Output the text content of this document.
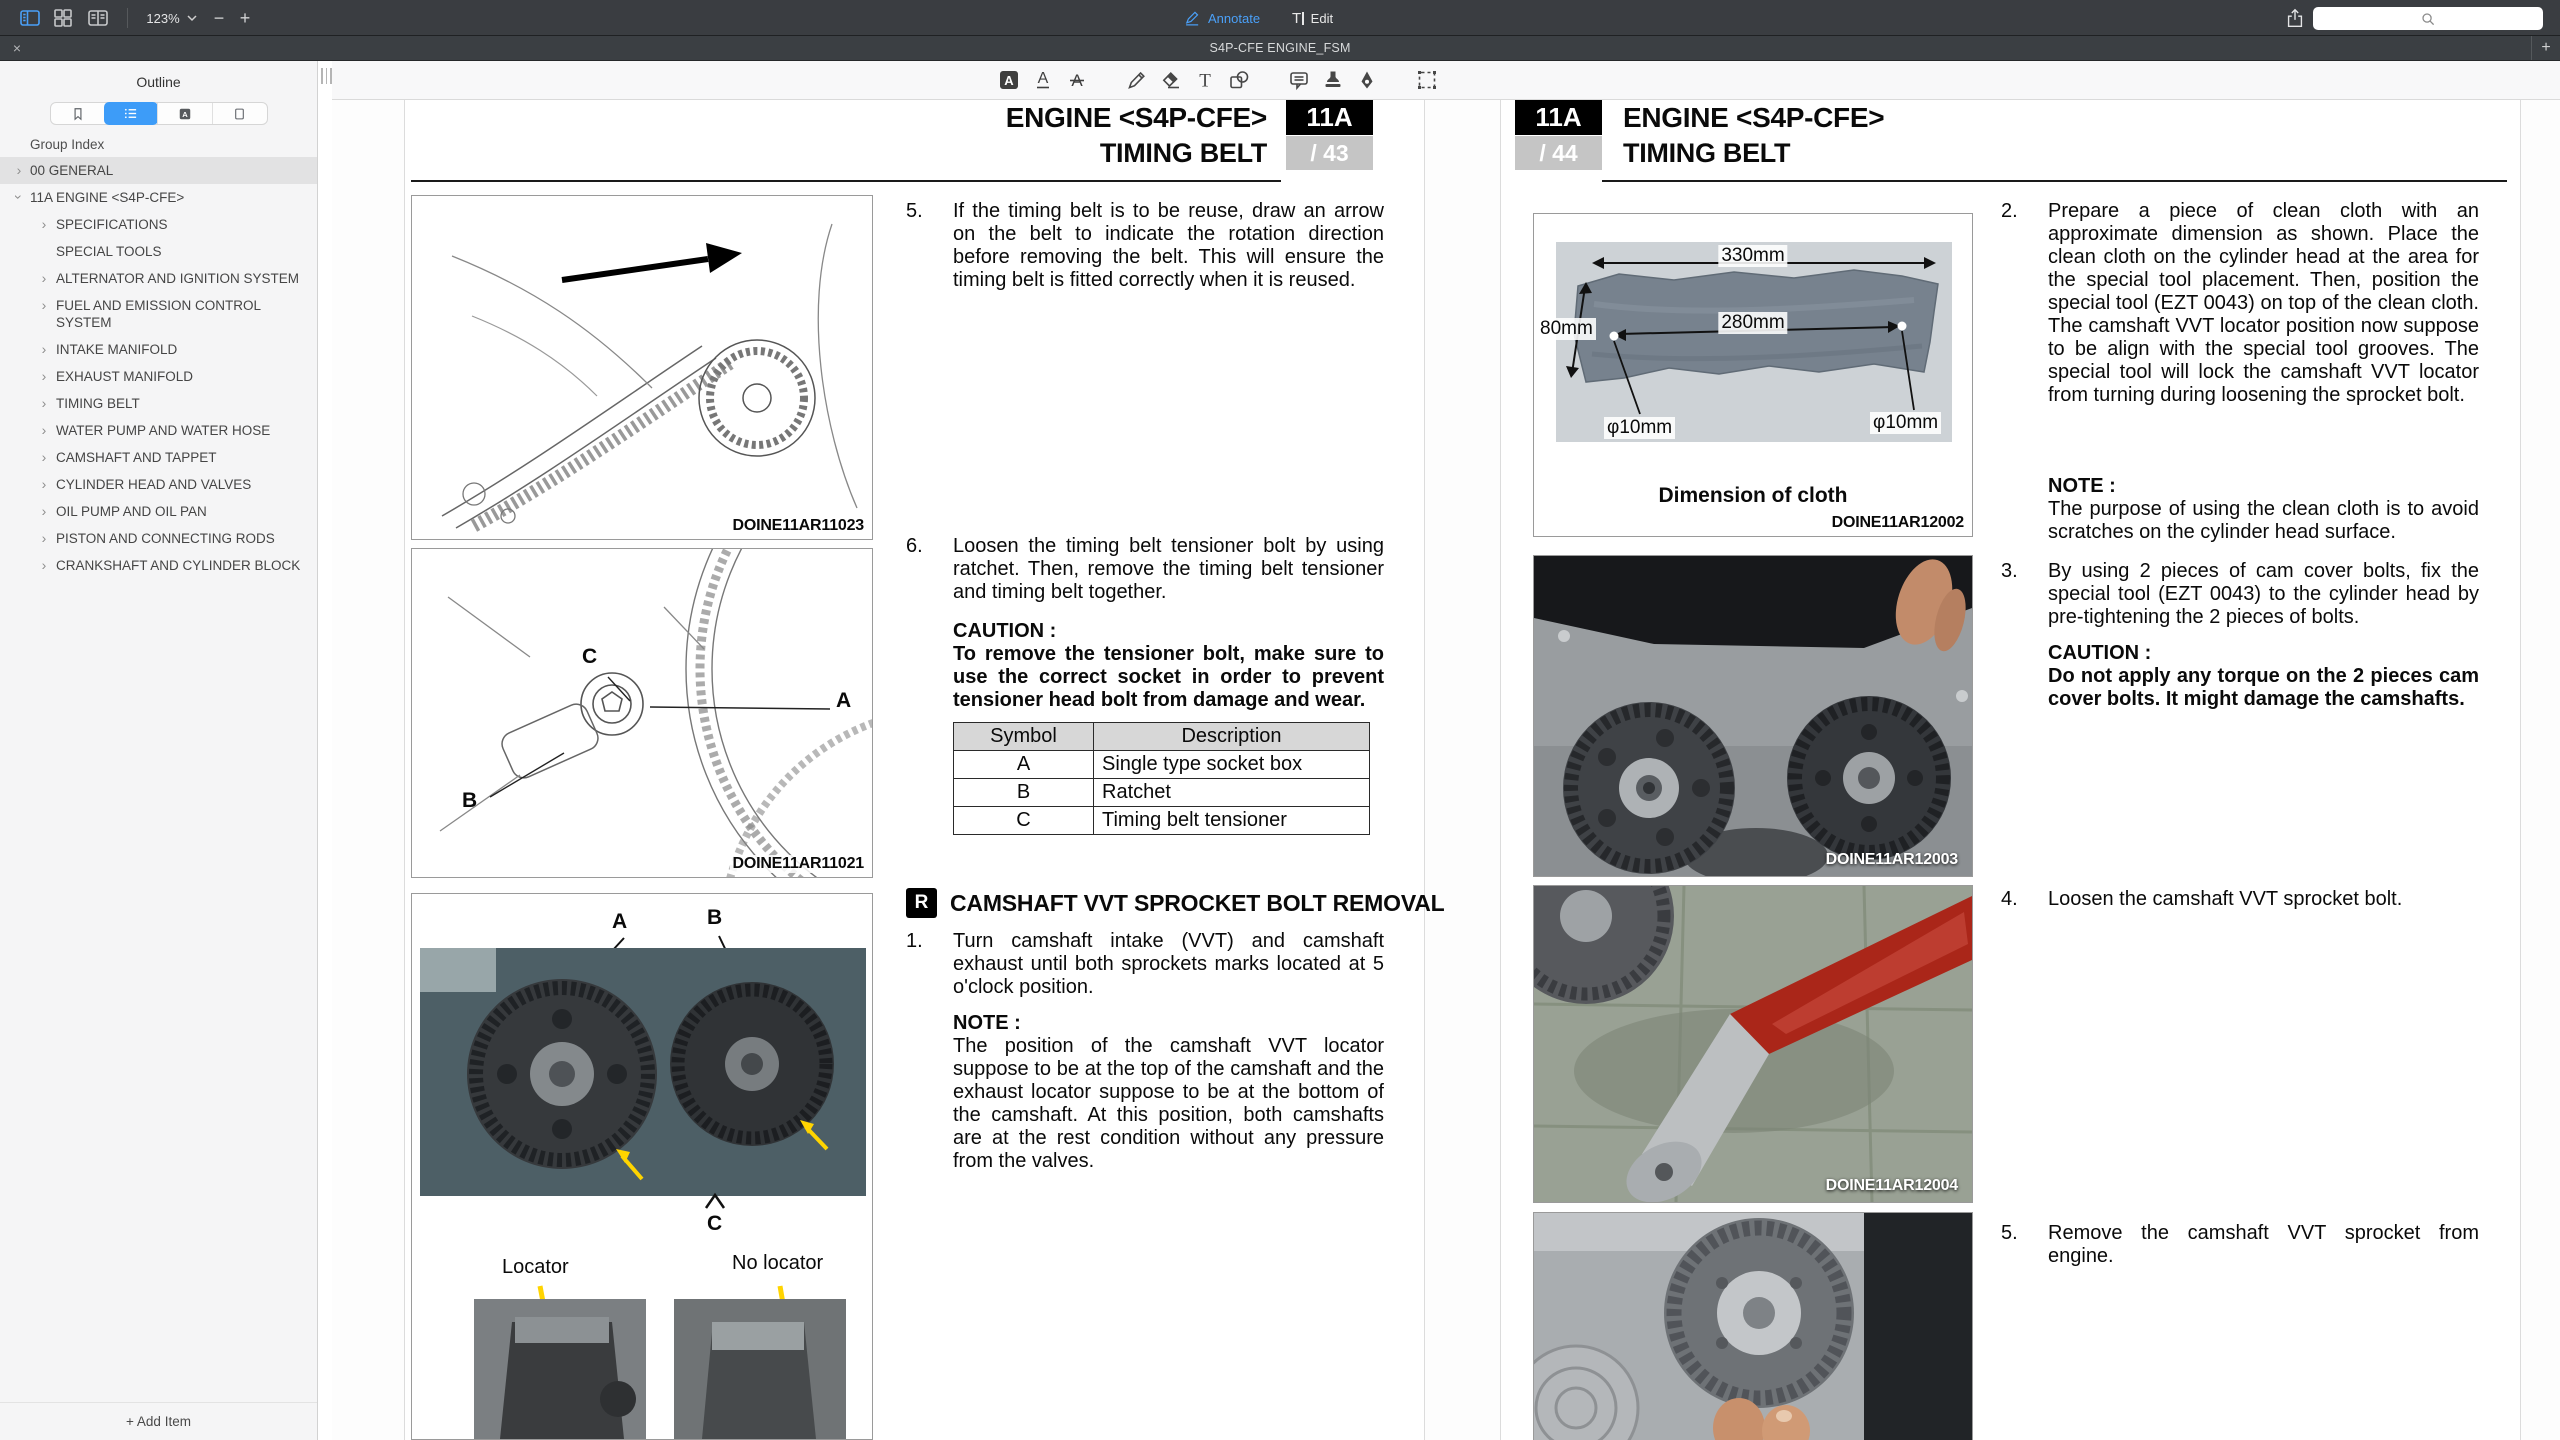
123%	− +	Annotate T Edit
×	S4P-CFE ENGINE_FSM	+
Outline
A
Group Index
› 00 GENERAL
› 11A ENGINE <S4P-CFE>
› SPECIFICATIONS
SPECIAL TOOLS
› ALTERNATOR AND IGNITION SYSTEM
› FUEL AND EMISSION CONTROL SYSTEM
› INTAKE MANIFOLD
› EXHAUST MANIFOLD
› TIMING BELT
› WATER PUMP AND WATER HOSE
› CAMSHAFT AND TAPPET
› CYLINDER HEAD AND VALVES
› OIL PUMP AND OIL PAN
› PISTON AND CONNECTING RODS
› CRANKSHAFT AND CYLINDER BLOCK
+ Add Item
A A A	T
11A
/ 43
ENGINE <S4P-CFE>
TIMING BELT
DOINE11AR11023
C
A
B
DOINE11AR11021
A	B
C
Locator	No locator
5.	If the timing belt is to be reuse, draw an arrow on the belt to indicate the rotation direction before removing the belt. This will ensure the timing belt is fitted correctly when it is reused.
6.	Loosen the timing belt tensioner bolt by using ratchet. Then, remove the timing belt tensioner and timing belt together.
CAUTION :
To remove the tensioner bolt, make sure to use the correct socket in order to prevent tensioner head bolt from damage and wear.
Symbol	Description
A	Single type socket box
B	Ratchet
C	Timing belt tensioner
R CAMSHAFT VVT SPROCKET BOLT REMOVAL
1.	Turn camshaft intake (VVT) and camshaft exhaust until both sprockets marks located at 5 o'clock position.
NOTE :
The position of the camshaft VVT locator suppose to be at the top of the camshaft and the exhaust locator suppose to be at the bottom of the camshaft. At this position, both camshafts are at the rest condition without any pressure from the valves.
11A
/ 44
ENGINE <S4P-CFE>
TIMING BELT
330mm
280mm
80mm
φ10mm	φ10mm
Dimension of cloth
DOINE11AR12002
DOINE11AR12003
DOINE11AR12004
2.	Prepare a piece of clean cloth with an approximate dimension as shown. Place the clean cloth on the cylinder head at the area for the special tool placement. Then, position the special tool (EZT 0043) on top of the clean cloth. The camshaft VVT locator position now suppose to be align with the special tool grooves. The special tool will lock the camshaft VVT locator from turning during loosening the sprocket bolt.
NOTE :
The purpose of using the clean cloth is to avoid scratches on the cylinder head surface.
3.	By using 2 pieces of cam cover bolts, fix the special tool (EZT 0043) to the cylinder head by pre-tightening the 2 pieces of bolts.
CAUTION :
Do not apply any torque on the 2 pieces cam cover bolts. It might damage the camshafts.
4.	Loosen the camshaft VVT sprocket bolt.
5.	Remove the camshaft VVT sprocket from engine.
